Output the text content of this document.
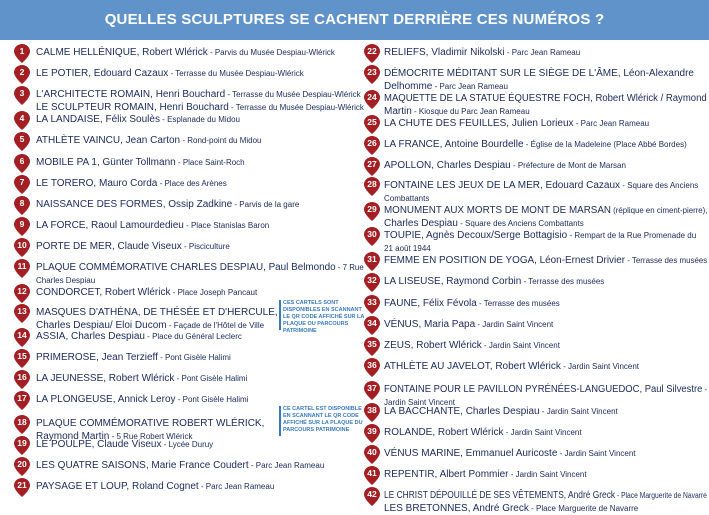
QUELLES SCULPTURES SE CACHENT DERRIÈRE CES NUMÉROS ?
1	CALME HELLÉNIQUE, Robert Wlérick - Parvis du Musée Despiau-Wlérick
2	LE POTIER, Edouard Cazaux - Terrasse du Musée Despiau-Wlérick
3	L'ARCHITECTE ROMAIN, Henri Bouchard - Terrasse du Musée Despiau-Wlérick
LE SCULPTEUR ROMAIN, Henri Bouchard - Terrasse du Musée Despiau-Wlérick
4	LA LANDAISE, Félix Soulès - Esplanade du Midou
5	ATHLÈTE VAINCU, Jean Carton - Rond-point du Midou
6	MOBILE PA 1, Günter Tollmann - Place Saint-Roch
7	LE TORERO, Mauro Corda - Place des Arènes
8	NAISSANCE DES FORMES, Ossip Zadkine - Parvis de la gare
9	LA FORCE, Raoul Lamourdedieu - Place Stanislas Baron
10 PORTE DE MER, Claude Viseux - Pisciculture
11 PLAQUE COMMÉMORATIVE CHARLES DESPIAU, Paul Belmondo - 7 Rue
Charles Despiau
12 CONDORCET, Robert Wlérick - Place Joseph Pancaut
13 MASQUES D'ATHÉNA, DE THÉSÉE ET D'HERCULE,
Charles Despiau/ Eloi Ducom - Façade de l'Hôtel de Ville
14 ASSIA, Charles Despiau - Place du Général Leclerc
15 PRIMEROSE, Jean Terzieff - Pont Gisèle Halimi
16 LA JEUNESSE, Robert Wlérick - Pont Gisèle Halimi
17 LA PLONGEUSE, Annick Leroy - Pont Gisèle Halimi
18 PLAQUE COMMÉMORATIVE ROBERT WLÉRICK,
Raymond Martin - 5 Rue Robert Wlérick
19 LE POULPE, Claude Viseux - Lycée Duruy
20 LES QUATRE SAISONS, Marie France Coudert - Parc Jean Rameau
21 PAYSAGE ET LOUP, Roland Cognet - Parc Jean Rameau
22 RELIEFS, Vladimir Nikolski - Parc Jean Rameau
23 DÉMOCRITE MÉDITANT SUR LE SIÈGE DE L'ÂME, Léon-Alexandre
Delhomme - Parc Jean Rameau
24 MAQUETTE DE LA STATUE ÉQUESTRE FOCH, Robert Wlérick / Raymond
Martin - Kiosque du Parc Jean Rameau
25 LA CHUTE DES FEUILLES, Julien Lorieux - Parc Jean Rameau
26 LA FRANCE, Antoine Bourdelle - Église de la Madeleine (Place Abbé Bordes)
27 APOLLON, Charles Despiau - Préfecture de Mont de Marsan
28 FONTAINE LES JEUX DE LA MER, Edouard Cazaux - Square des Anciens
Combattants
29 MONUMENT AUX MORTS DE MONT DE MARSAN (réplique en ciment-pierre),
Charles Despiau - Square des Anciens Combattants
30 TOUPIE, Agnès Decoux/Serge Bottagisio - Rempart de la Rue Promenade du
21 août 1944
31 FEMME EN POSITION DE YOGA, Léon-Ernest Drivier - Terrasse des musées
32 LA LISEUSE, Raymond Corbin - Terrasse des musées
33 FAUNE, Félix Févola - Terrasse des musées
34 VÉNUS, Maria Papa - Jardin Saint Vincent
35 ZEUS, Robert Wlérick - Jardin Saint Vincent
36 ATHLÈTE AU JAVELOT, Robert Wlérick - Jardin Saint Vincent
37 FONTAINE POUR LE PAVILLON PYRÉNÉES-LANGUEDOC, Paul Silvestre -
Jardin Saint Vincent
38 LA BACCHANTE, Charles Despiau - Jardin Saint Vincent
39 ROLANDE, Robert Wlérick - Jardin Saint Vincent
40 VÉNUS MARINE, Emmanuel Auricoste - Jardin Saint Vincent
41 REPENTIR, Albert Pommier - Jardin Saint Vincent
42 LE CHRIST DÉPOUILLÉ DE SES VÊTEMENTS, André Greck - Place Marguerite de Navarre
LES BRETONNES, André Greck - Place Marguerite de Navarre
CES CARTELS SONT DISPONIBLES EN SCANNANT LE QR CODE AFFICHÉ SUR LA PLAQUE OU PARCOURS PATRIMOINE
CE CARTEL EST DISPONIBLE EN SCANNANT LE QR CODE AFFICHÉ SUR LA PLAQUE DU PARCOURS PATRIMOINE
